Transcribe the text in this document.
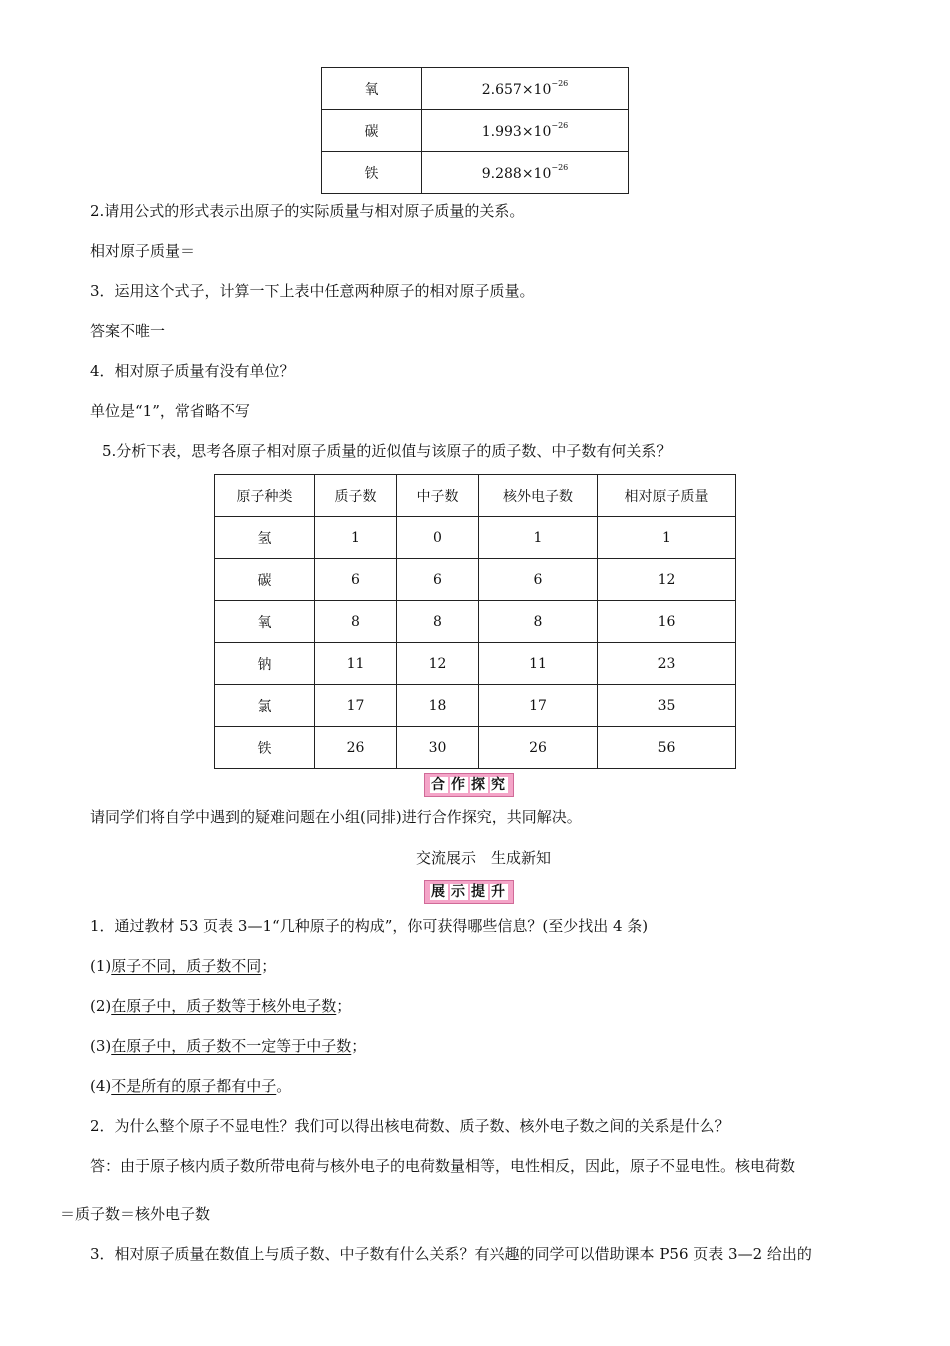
氧	$2.657\times 10^{-26}$
碳	$1.993\times 10^{-26}$
铁	$9.288\times 10^{-26}$
2.请用公式的形式表示出原子的实际质量与相对原子质量的关系。
相对原子质量＝
3．运用这个式子，计算一下上表中任意两种原子的相对原子质量。
答案不唯一
4．相对原子质量有没有单位？
单位是“1”，常省略不写
5.分析下表，思考各原子相对原子质量的近似值与该原子的质子数、中子数有何关系？
原子种类	质子数	中子数	核外电子数	相对原子质量
氢	1	0	1	1
碳	6	6	6	12
氧	8	8	8	16
钠	11	12	11	23
氯	17	18	17	35
铁	26	30	26	56
合 作 探 究
请同学们将自学中遇到的疑难问题在小组(同排)进行合作探究，共同解决。
交流展示　生成新知
展 示 提 升
1．通过教材 53 页表 3—1“几种原子的构成”，你可获得哪些信息？(至少找出 4 条)
(1)原子不同，质子数不同；
(2)在原子中，质子数等于核外电子数；
(3)在原子中，质子数不一定等于中子数；
(4)不是所有的原子都有中子。
2．为什么整个原子不显电性？我们可以得出核电荷数、质子数、核外电子数之间的关系是什么？
答：由于原子核内质子数所带电荷与核外电子的电荷数量相等，电性相反，因此，原子不显电性。核电荷数
＝质子数＝核外电子数
3．相对原子质量在数值上与质子数、中子数有什么关系？有兴趣的同学可以借助课本 P56 页表 3—2 给出的
